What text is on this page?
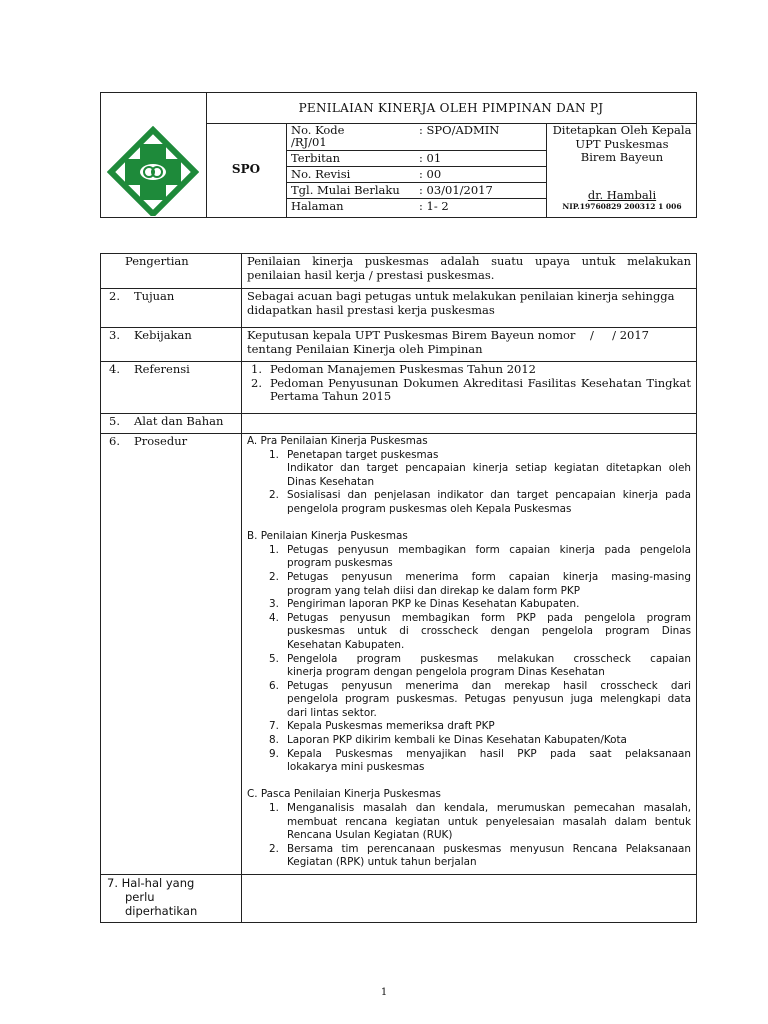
PENILAIAN KINERJA OLEH PIMPINAN DAN PJ
SPO
No. Kode	: SPO/ADMIN
/RJ/01
Terbitan	: 01
No. Revisi	: 00
Tgl. Mulai Berlaku : 03/01/2017
Halaman	: 1- 2
Ditetapkan Oleh Kepala
UPT Puskesmas
Birem Bayeun
dr. Hambali
NIP.19760829 200312 1 006
Pengertian	Penilaian kinerja puskesmas adalah suatu upaya untuk melakukan
penilaian hasil kerja / prestasi puskesmas.
2. Tujuan	Sebagai acuan bagi petugas untuk melakukan penilaian kinerja sehingga
didapatkan hasil prestasi kerja puskesmas
3. Kebijakan	Keputusan kepala UPT Puskesmas Birem Bayeun nomor    /     / 2017
tentang Penilaian Kinerja oleh Pimpinan
4. Referensi	1. Pedoman Manajemen Puskesmas Tahun 2012
2. Pedoman Penyusunan Dokumen Akreditasi Fasilitas Kesehatan Tingkat
Pertama Tahun 2015
5. Alat dan Bahan
6. Prosedur	A. Pra Penilaian Kinerja Puskesmas
1. Penetapan target puskesmas
Indikator dan target pencapaian kinerja setiap kegiatan ditetapkan oleh
Dinas Kesehatan
2. Sosialisasi dan penjelasan indikator dan target pencapaian kinerja pada
pengelola program puskesmas oleh Kepala Puskesmas
B. Penilaian Kinerja Puskesmas
1. Petugas penyusun membagikan form capaian kinerja pada pengelola
program puskesmas
2. Petugas penyusun menerima form capaian kinerja masing-masing
program yang telah diisi dan direkap ke dalam form PKP
3. Pengiriman laporan PKP ke Dinas Kesehatan Kabupaten.
4. Petugas penyusun membagikan form PKP pada pengelola program
puskesmas untuk di crosscheck dengan pengelola program Dinas
Kesehatan Kabupaten.
5. Pengelola program puskesmas melakukan crosscheck capaian
kinerja program dengan pengelola program Dinas Kesehatan
6. Petugas penyusun menerima dan merekap hasil crosscheck dari
pengelola program puskesmas. Petugas penyusun juga melengkapi data
dari lintas sektor.
7. Kepala Puskesmas memeriksa draft PKP
8. Laporan PKP dikirim kembali ke Dinas Kesehatan Kabupaten/Kota
9. Kepala Puskesmas menyajikan hasil PKP pada saat pelaksanaan
lokakarya mini puskesmas
C. Pasca Penilaian Kinerja Puskesmas
1. Menganalisis masalah dan kendala, merumuskan pemecahan masalah,
membuat rencana kegiatan untuk penyelesaian masalah dalam bentuk
Rencana Usulan Kegiatan (RUK)
2. Bersama tim perencanaan puskesmas menyusun Rencana Pelaksanaan
Kegiatan (RPK) untuk tahun berjalan
7. Hal-hal yang
perlu
diperhatikan
1
